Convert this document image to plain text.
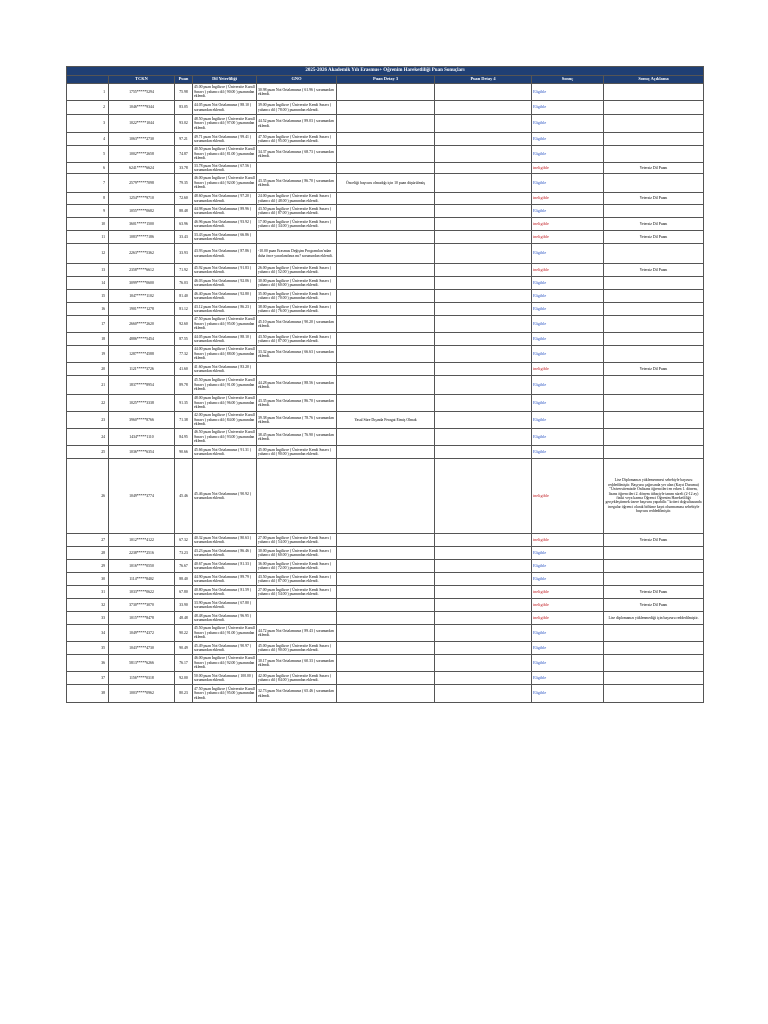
2025-2026 Akademik Yılı Erasmus+ Öğrenim Hareketliliği Puan Sonuçları								
	TCKN	Puan	Dil Yeterliliği	GNO	Puan Detay 3	Puan Detay 4	Sonuç	Sonuç Açıklama
1	1755*****5294	75.98	45.00 puan İngilizce ( Üniversite Kurall Sınavı ) yabancı dil ( 90.00 ) puanından eklendi.	30.98 puan Not Ortalamanız ( 61.96 ) sorunundan eklendi.			Eligible	
2	1046*****9344	83.05	44.05 puan Not Ortalamanız ( 88.10 ) sorunundan eklendi.	39.00 puan İngilizce ( Üniversite Kendi Sınavı ) yabancı dil ( 78.00 ) puanından eklendi.			Eligible	
3	1022*****1044	93.02	48.50 puan İngilizce ( Üniversite Kurall Sınavı ) yabancı dil ( 97.00 ) puanından eklendi.	44.52 puan Not Ortalamanız ( 89.03 ) sorunundan eklendi.			Eligible	
4	1063*****2730	97.21	49.71 puan Not Ortalamanız ( 99.41 ) sorunundan eklendi.	47.50 puan İngilizce ( Üniversite Kendi Sınavı ) yabancı dil ( 95.00 ) puanından eklendi.			Eligible	
5	1002*****2658	74.87	40.50 puan İngilizce ( Üniversite Kurall Sınavı ) yabancı dil ( 81.00 ) puanından eklendi.	34.37 puan Not Ortalamanız ( 68.73 ) sorunundan eklendi.			Eligible	
6	6241*****6624	33.78	33.78 puan Not Ortalamanız ( 67.56 ) sorunundan eklendi.				ineligible	Yetersiz Dil Puanı
7	2579*****7098	79.35	46.00 puan İngilizce ( Üniversite Kurall Sınavı ) yabancı dil ( 92.00 ) puanından eklendi.	43.35 puan Not Ortalamanız ( 86.70 ) sorunundan eklendi.	Önceliği başvuru olmadığı için 10 puan düşürülmüş		Eligible	
8	1254*****9710	72.60	48.60 puan Not Ortalamanız ( 97.20 ) sorunundan eklendi.	24.00 puan İngilizce ( Üniversite Kendi Sınavı ) yabancı dil ( 48.00 ) puanından eklendi.			ineligible	Yetersiz Dil Puanı
9	1055*****0682	88.48	44.98 puan Not Ortalamanız ( 89.96 ) sorunundan eklendi.	43.50 puan İngilizce ( Üniversite Kendi Sınavı ) yabancı dil ( 87.00 ) puanından eklendi.			Eligible	
10	3601*****1500	63.96	46.96 puan Not Ortalamanız ( 93.92 ) sorunundan eklendi.	17.00 puan İngilizce ( Üniversite Kendi Sınavı ) yabancı dil ( 34.00 ) puanından eklendi.			ineligible	Yetersiz Dil Puanı
11	1083*****7186	33.43	33.43 puan Not Ortalamanız ( 66.86 ) sorunundan eklendi.				ineligible	Yetersiz Dil Puanı
12	2263*****5362	33.93	43.93 puan Not Ortalamanız ( 87.86 ) sorunundan eklendi.	-10.00 puan Erasmus Değişim Programları'ndan daha önce yararlandınız mı? sorunundan eklendi.			Eligible	
13	2358*****6612	71.92	45.92 puan Not Ortalamanız ( 91.83 ) sorunundan eklendi.	26.00 puan İngilizce ( Üniversite Kendi Sınavı ) yabancı dil ( 52.00 ) puanından eklendi.			ineligible	Yetersiz Dil Puanı
14	3099*****0600	76.03	46.03 puan Not Ortalamanız ( 92.06 ) sorunundan eklendi.	30.00 puan İngilizce ( Üniversite Kendi Sınavı ) yabancı dil ( 60.00 ) puanından eklendi.			Eligible	
15	1047*****1102	81.40	46.40 puan Not Ortalamanız ( 92.80 ) sorunundan eklendi.	35.00 puan İngilizce ( Üniversite Kendi Sınavı ) yabancı dil ( 70.00 ) puanından eklendi.			Eligible	
16	1901*****1278	81.12	43.12 puan Not Ortalamanız ( 86.23 ) sorunundan eklendi.	38.00 puan İngilizce ( Üniversite Kendi Sınavı ) yabancı dil ( 76.00 ) puanından eklendi.			Eligible	
17	2660*****2620	92.60	47.50 puan İngilizce ( Üniversite Kurall Sınavı ) yabancı dil ( 95.00 ) puanından eklendi.	45.10 puan Not Ortalamanız ( 90.20 ) sorunundan eklendi.			Eligible	
18	4886*****5454	87.55	44.05 puan Not Ortalamanız ( 88.10 ) sorunundan eklendi.	43.50 puan İngilizce ( Üniversite Kendi Sınavı ) yabancı dil ( 87.00 ) puanından eklendi.			Eligible	
19	1287*****4588	77.32	44.00 puan İngilizce ( Üniversite Kurall Sınavı ) yabancı dil ( 88.00 ) puanından eklendi.	33.32 puan Not Ortalamanız ( 66.63 ) sorunundan eklendi.			Eligible	
20	1121*****3726	41.60	41.60 puan Not Ortalamanız ( 83.20 ) sorunundan eklendi.				ineligible	Yetersiz Dil Puanı
21	1837*****8954	89.78	45.50 puan İngilizce ( Üniversite Kurall Sınavı ) yabancı dil ( 91.00 ) puanından eklendi.	44.28 puan Not Ortalamanız ( 88.56 ) sorunundan eklendi.			Eligible	
22	1025*****3338	91.35	48.00 puan İngilizce ( Üniversite Kurall Sınavı ) yabancı dil ( 96.00 ) puanından eklendi.	43.35 puan Not Ortalamanız ( 86.70 ) sorunundan eklendi.			Eligible	
23	3960*****8766	71.38	42.00 puan İngilizce ( Üniversite Kurall Sınavı ) yabancı dil ( 84.00 ) puanından eklendi.	39.38 puan Not Ortalamanız ( 78.76 ) sorunundan eklendi.	Yasal Süre Dışında Feragat Etmiş Olmak		Eligible	
24	1434*****1110	84.95	46.50 puan İngilizce ( Üniversite Kurall Sınavı ) yabancı dil ( 93.00 ) puanından eklendi.	38.45 puan Not Ortalamanız ( 76.90 ) sorunundan eklendi.			Eligible	
25	1036*****6354	90.66	45.66 puan Not Ortalamanız ( 91.31 ) sorunundan eklendi.	45.00 puan İngilizce ( Üniversite Kendi Sınavı ) yabancı dil ( 90.00 ) puanından eklendi.			Eligible	
26	1049*****3774	45.46	45.46 puan Not Ortalamanız ( 90.92 ) sorunundan eklendi.				ineligible	Lise Diplomanızı yüklemenmesi sebebiyle başvuru reddedilmiştir. Başvuru çağrısında yer alan (Kayıt Durumu) "Üniversitemizde Önlisans öğrencileri en erken 1. dönem, lisans öğrencileri 2. dönem itibariyle tanım süreli (2-12 ay) fiziki veya karma Öğrenci Öğrenim Hareketliliği gerçekleştirmek üzere başvuru yapabilir." kriteri doğrultusunda irregular öğrenci olarak bölüme kayıt olunmaması sebebiyle başvuru reddedilmiştir.
27	1012*****4122	67.32	40.32 puan Not Ortalamanız ( 80.63 ) sorunundan eklendi.	27.00 puan İngilizce ( Üniversite Kendi Sınavı ) yabancı dil ( 54.00 ) puanından eklendi.			ineligible	Yetersiz Dil Puanı
28	2238*****2516	73.23	43.23 puan Not Ortalamanız ( 86.46 ) sorunundan eklendi.	30.00 puan İngilizce ( Üniversite Kendi Sınavı ) yabancı dil ( 60.00 ) puanından eklendi.			Eligible	
29	1016*****0550	76.67	40.67 puan Not Ortalamanız ( 81.33 ) sorunundan eklendi.	36.00 puan İngilizce ( Üniversite Kendi Sınavı ) yabancı dil ( 72.00 ) puanından eklendi.			Eligible	
30	1114*****8402	88.40	44.90 puan Not Ortalamanız ( 89.79 ) sorunundan eklendi.	43.50 puan İngilizce ( Üniversite Kendi Sınavı ) yabancı dil ( 87.00 ) puanından eklendi.			Eligible	
31	1033*****0622	67.80	40.80 puan Not Ortalamanız ( 81.59 ) sorunundan eklendi.	27.00 puan İngilizce ( Üniversite Kendi Sınavı ) yabancı dil ( 54.00 ) puanından eklendi.			ineligible	Yetersiz Dil Puanı
32	3730*****3070	33.90	33.90 puan Not Ortalamanız ( 67.80 ) sorunundan eklendi.				ineligible	Yetersiz Dil Puanı
33	1015*****8478	48.48	48.48 puan Not Ortalamanız ( 96.95 ) sorunundan eklendi.				ineligible	Lise diplomanızı yüklenmediği için başvuru reddedilmiştir.
34	1049*****4372	90.22	45.50 puan İngilizce ( Üniversite Kurall Sınavı ) yabancı dil ( 91.00 ) puanından eklendi.	44.72 puan Not Ortalamanız ( 89.43 ) sorunundan eklendi.			Eligible	
35	1043*****4730	90.49	45.49 puan Not Ortalamanız ( 90.97 ) sorunundan eklendi.	45.00 puan İngilizce ( Üniversite Kendi Sınavı ) yabancı dil ( 90.00 ) puanından eklendi.			Eligible	
36	5813*****6266	76.17	46.00 puan İngilizce ( Üniversite Kurall Sınavı ) yabancı dil ( 92.00 ) puanından eklendi.	30.17 puan Not Ortalamanız ( 60.33 ) sorunundan eklendi.			Eligible	
37	1156*****0318	92.00	50.00 puan Not Ortalamanız ( 100.00 ) sorunundan eklendi.	42.00 puan İngilizce ( Üniversite Kendi Sınavı ) yabancı dil ( 84.00 ) puanından eklendi.			Eligible	
38	1003*****0962	80.23	47.50 puan İngilizce ( Üniversite Kurall Sınavı ) yabancı dil ( 95.00 ) puanından eklendi.	32.73 puan Not Ortalamanız ( 65.46 ) sorunundan eklendi.			Eligible	
